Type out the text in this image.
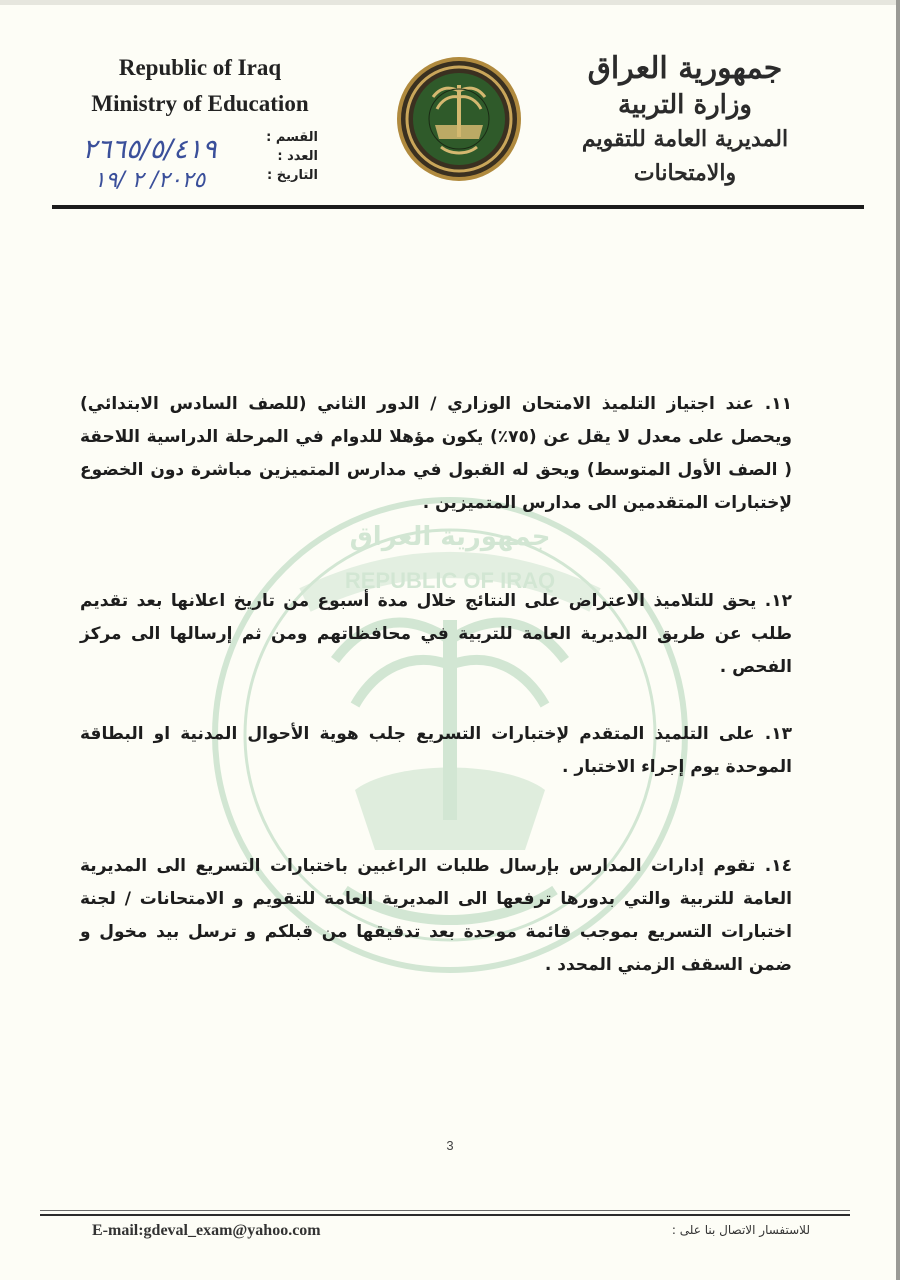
Republic of Iraq
Ministry of Education
جمهورية العراق
وزارة التربية
المديرية العامة للتقويم والامتحانات
القسم :
العدد :
التاريخ :
٢٦٦٥/٥/٤١٩
٢٠٢٥/ ٢ /١٩
جمهورية العراق
REPUBLIC OF IRAQ
١١. عند اجتياز التلميذ الامتحان الوزاري / الدور الثاني (للصف السادس الابتدائي) ويحصل على معدل لا يقل عن (٧٥٪) يكون مؤهلا للدوام في المرحلة الدراسية اللاحقة ( الصف الأول المتوسط) ويحق له القبول في مدارس المتميزين مباشرة دون الخضوع لإختبارات المتقدمين الى مدارس المتميزين .
١٢. يحق للتلاميذ الاعتراض على النتائج خلال مدة أسبوع من تاريخ اعلانها بعد تقديم طلب عن طريق المديرية العامة للتربية في محافظاتهم ومن ثم إرسالها الى مركز الفحص .
١٣. على التلميذ المتقدم لإختبارات التسريع جلب هوية الأحوال المدنية او البطاقة الموحدة يوم إجراء الاختبار .
١٤. تقوم إدارات المدارس بإرسال طلبات الراغبين باختبارات التسريع الى المديرية العامة للتربية والتي بدورها ترفعها الى المديرية العامة للتقويم و الامتحانات / لجنة اختبارات التسريع بموجب قائمة موحدة بعد تدقيقها من قبلكم و ترسل بيد مخول و ضمن السقف الزمني المحدد .
3
E-mail:gdeval_exam@yahoo.com	للاستفسار الاتصال بنا على :
